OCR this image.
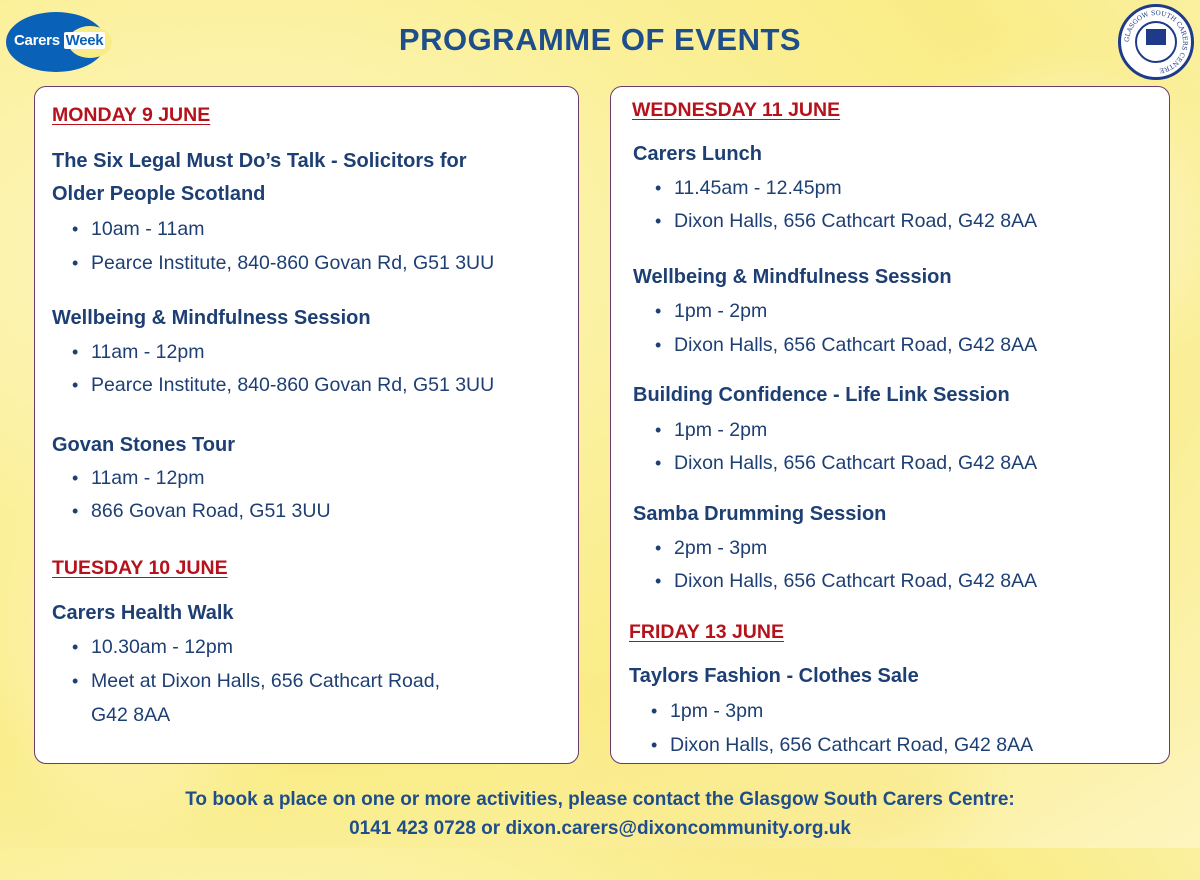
Carers Week	PROGRAMME OF EVENTS	GLASGOW SOUTH CARERS CENTRE
MONDAY 9 JUNE
The Six Legal Must Do’s Talk - Solicitors for
Older People Scotland
• 10am - 11am
• Pearce Institute, 840-860 Govan Rd, G51 3UU
Wellbeing & Mindfulness Session
• 11am - 12pm
• Pearce Institute, 840-860 Govan Rd, G51 3UU
Govan Stones Tour
• 11am - 12pm
• 866 Govan Road, G51 3UU
TUESDAY 10 JUNE
Carers Health Walk
• 10.30am - 12pm
• Meet at Dixon Halls, 656 Cathcart Road,
G42 8AA
WEDNESDAY 11 JUNE
Carers Lunch
• 11.45am - 12.45pm
• Dixon Halls, 656 Cathcart Road, G42 8AA
Wellbeing & Mindfulness Session
• 1pm - 2pm
• Dixon Halls, 656 Cathcart Road, G42 8AA
Building Confidence - Life Link Session
• 1pm - 2pm
• Dixon Halls, 656 Cathcart Road, G42 8AA
Samba Drumming Session
• 2pm - 3pm
• Dixon Halls, 656 Cathcart Road, G42 8AA
FRIDAY 13 JUNE
Taylors Fashion - Clothes Sale
• 1pm - 3pm
• Dixon Halls, 656 Cathcart Road, G42 8AA
To book a place on one or more activities, please contact the Glasgow South Carers Centre:
0141 423 0728 or dixon.carers@dixoncommunity.org.uk
